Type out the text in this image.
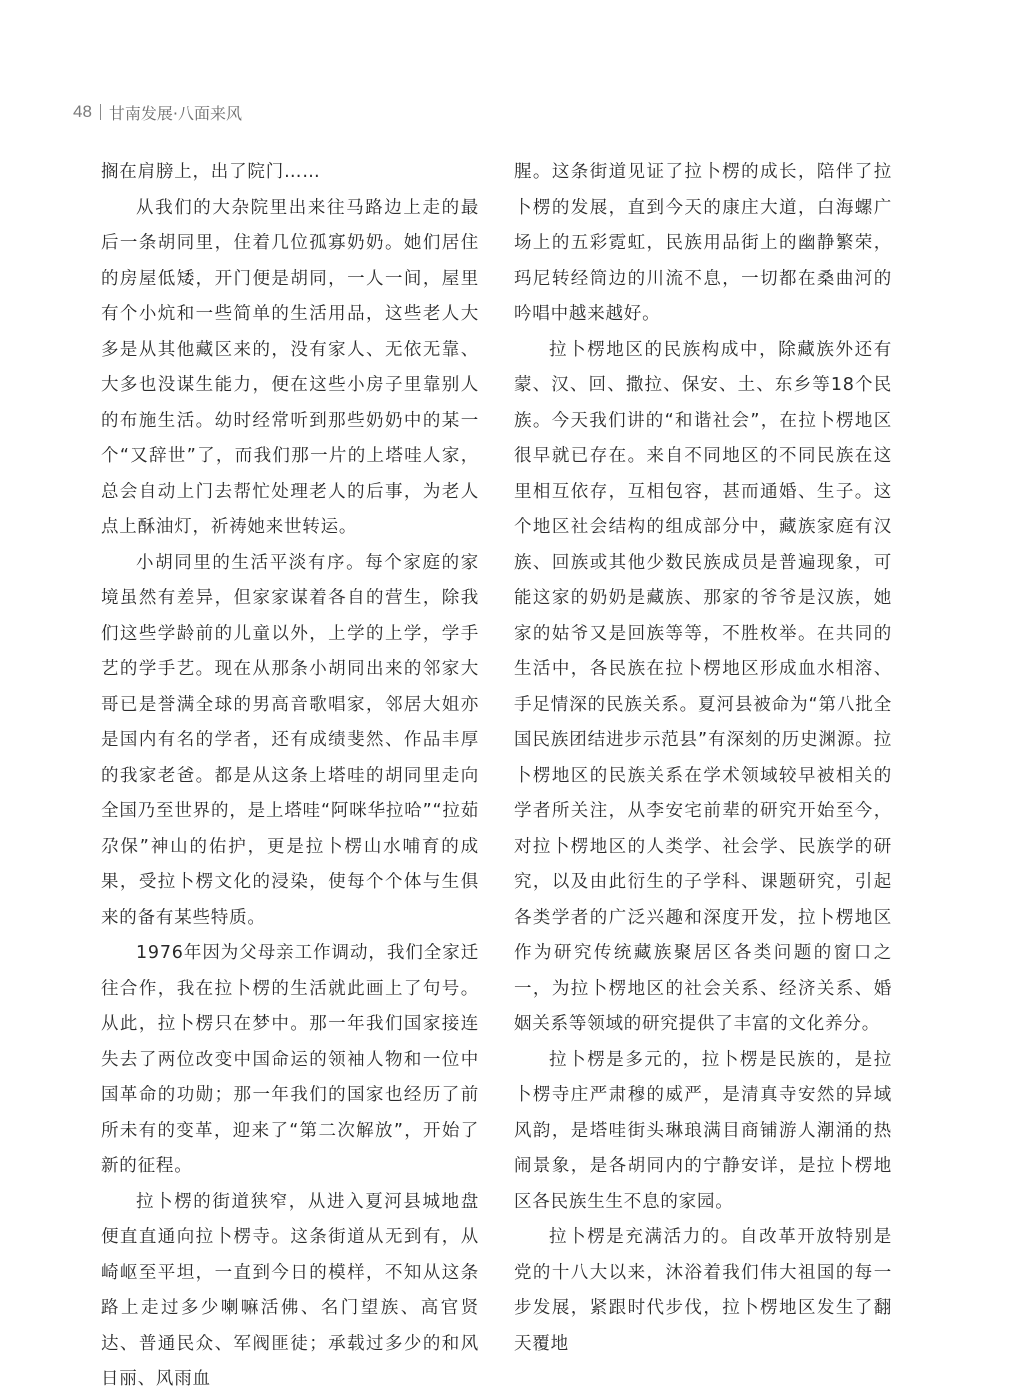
48 甘南发展·八面来风

搁在肩膀上，出了院门……

从我们的大杂院里出来往马路边上走的最后一条胡同里，住着几位孤寡奶奶。她们居住的房屋低矮，开门便是胡同，一人一间，屋里有个小炕和一些简单的生活用品，这些老人大多是从其他藏区来的，没有家人、无依无靠、大多也没谋生能力，便在这些小房子里靠别人的布施生活。幼时经常听到那些奶奶中的某一个“又辞世”了，而我们那一片的上塔哇人家，总会自动上门去帮忙处理老人的后事，为老人点上酥油灯，祈祷她来世转运。

小胡同里的生活平淡有序。每个家庭的家境虽然有差异，但家家谋着各自的营生，除我们这些学龄前的儿童以外，上学的上学，学手艺的学手艺。现在从那条小胡同出来的邻家大哥已是誉满全球的男高音歌唱家，邻居大姐亦是国内有名的学者，还有成绩斐然、作品丰厚的我家老爸。都是从这条上塔哇的胡同里走向全国乃至世界的，是上塔哇“阿咪华拉哈”“拉茹尕保”神山的佑护，更是拉卜楞山水哺育的成果，受拉卜楞文化的浸染，使每个个体与生俱来的备有某些特质。

1976年因为父母亲工作调动，我们全家迁往合作，我在拉卜楞的生活就此画上了句号。从此，拉卜楞只在梦中。那一年我们国家接连失去了两位改变中国命运的领袖人物和一位中国革命的功勋；那一年我们的国家也经历了前所未有的变革，迎来了“第二次解放”，开始了新的征程。

拉卜楞的街道狭窄，从进入夏河县城地盘便直直通向拉卜楞寺。这条街道从无到有，从崎岖至平坦，一直到今日的模样，不知从这条路上走过多少喇嘛活佛、名门望族、高官贤达、普通民众、军阀匪徒；承载过多少的和风日丽、风雨血

腥。这条街道见证了拉卜楞的成长，陪伴了拉卜楞的发展，直到今天的康庄大道，白海螺广场上的五彩霓虹，民族用品街上的幽静繁荣，玛尼转经筒边的川流不息，一切都在桑曲河的吟唱中越来越好。

拉卜楞地区的民族构成中，除藏族外还有蒙、汉、回、撒拉、保安、土、东乡等18个民族。今天我们讲的“和谐社会”，在拉卜楞地区很早就已存在。来自不同地区的不同民族在这里相互依存，互相包容，甚而通婚、生子。这个地区社会结构的组成部分中，藏族家庭有汉族、回族或其他少数民族成员是普遍现象，可能这家的奶奶是藏族、那家的爷爷是汉族，她家的姑爷又是回族等等，不胜枚举。在共同的生活中，各民族在拉卜楞地区形成血水相溶、手足情深的民族关系。夏河县被命为“第八批全国民族团结进步示范县”有深刻的历史渊源。拉卜楞地区的民族关系在学术领域较早被相关的学者所关注，从李安宅前辈的研究开始至今，对拉卜楞地区的人类学、社会学、民族学的研究，以及由此衍生的子学科、课题研究，引起各类学者的广泛兴趣和深度开发，拉卜楞地区作为研究传统藏族聚居区各类问题的窗口之一，为拉卜楞地区的社会关系、经济关系、婚姻关系等领域的研究提供了丰富的文化养分。

拉卜楞是多元的，拉卜楞是民族的，是拉卜楞寺庄严肃穆的威严，是清真寺安然的异域风韵，是塔哇街头琳琅满目商铺游人潮涌的热闹景象，是各胡同内的宁静安详，是拉卜楞地区各民族生生不息的家园。

拉卜楞是充满活力的。自改革开放特别是党的十八大以来，沐浴着我们伟大祖国的每一步发展，紧跟时代步伐，拉卜楞地区发生了翻天覆地
